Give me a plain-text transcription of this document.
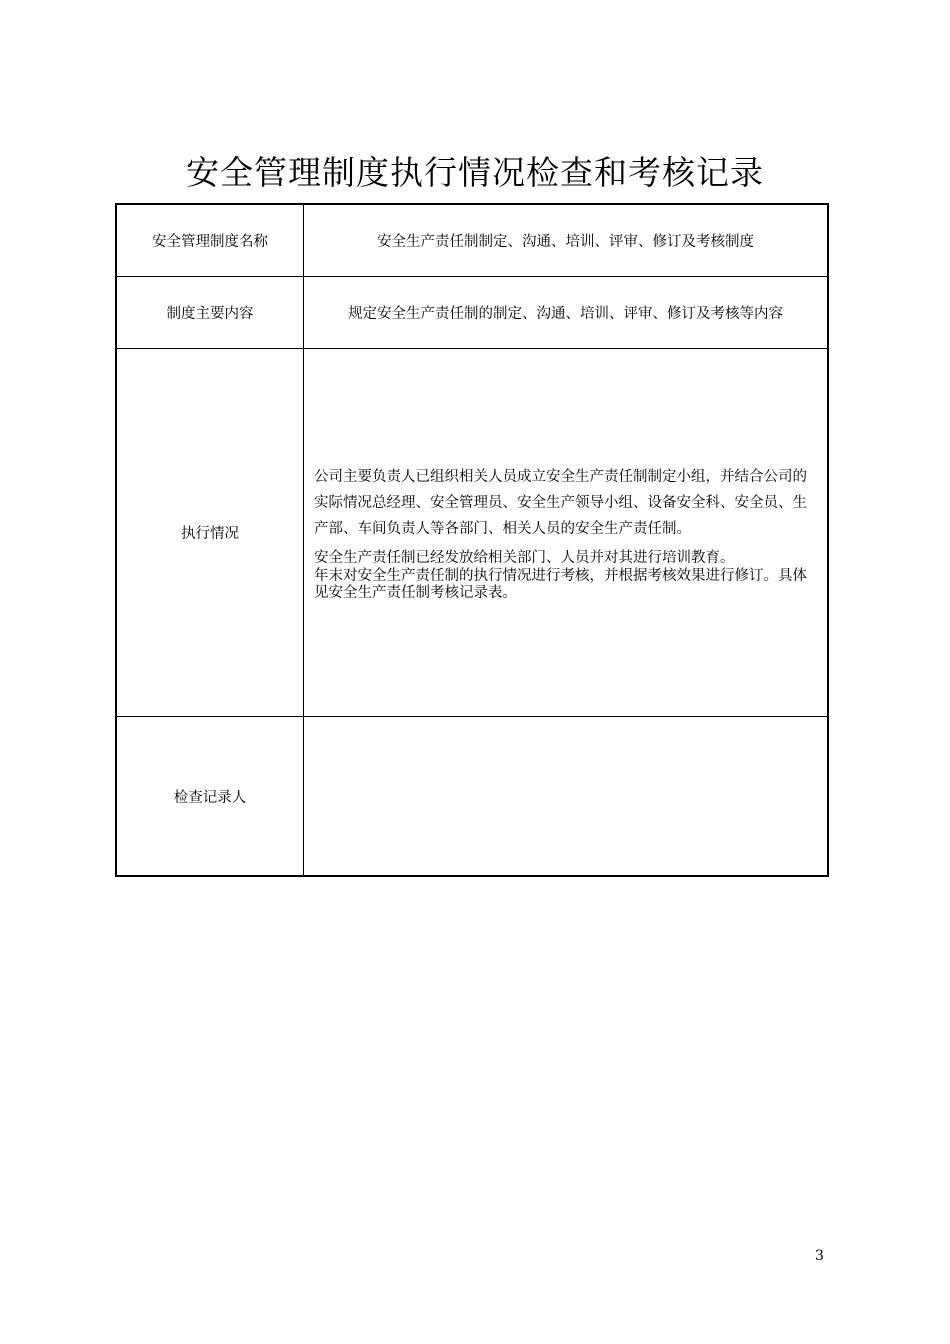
安全管理制度执行情况检查和考核记录
安全管理制度名称	安全生产责任制制定、沟通、培训、评审、修订及考核制度
制度主要内容	规定安全生产责任制的制定、沟通、培训、评审、修订及考核等内容
执行情况	公司主要负责人已组织相关人员成立安全生产责任制制定小组，并结合公司的实际情况总经理、安全管理员、安全生产领导小组、设备安全科、安全员、生产部、车间负责人等各部门、相关人员的安全生产责任制。

安全生产责任制已经发放给相关部门、人员并对其进行培训教育。

年末对安全生产责任制的执行情况进行考核，并根据考核效果进行修订。具体见安全生产责任制考核记录表。

检查记录人	
3
